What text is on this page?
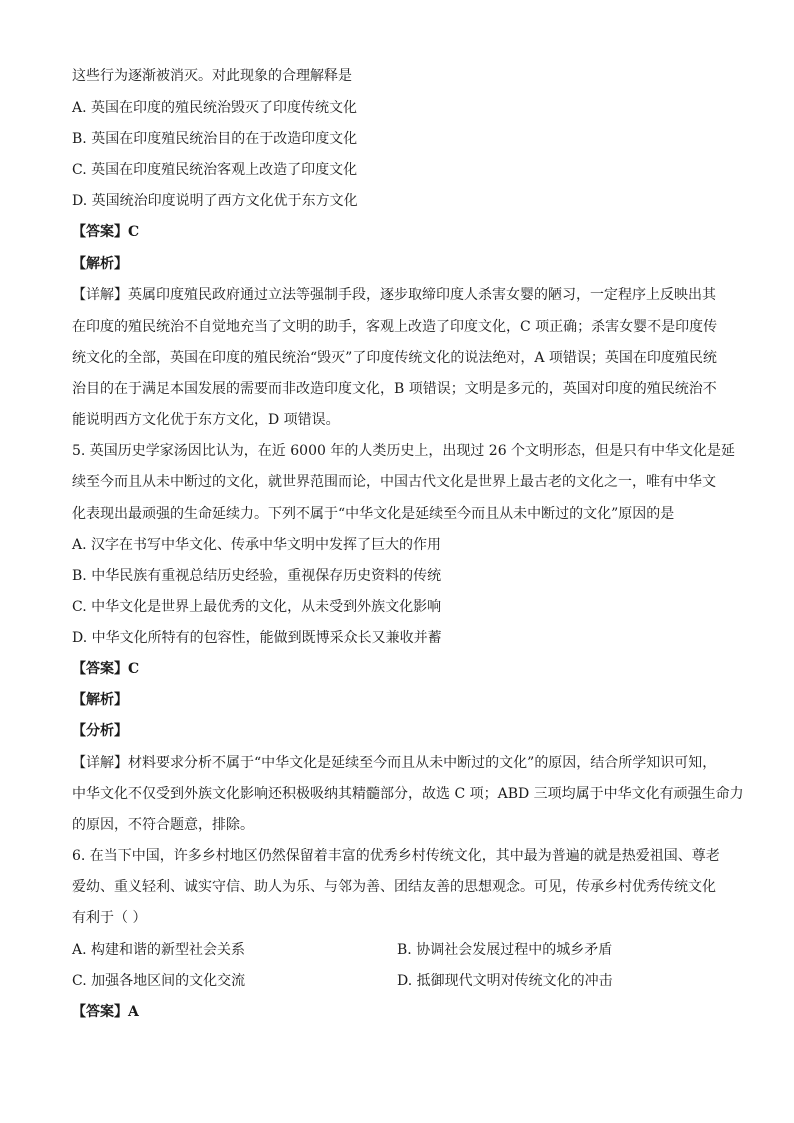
这些行为逐渐被消灭。对此现象的合理解释是
A. 英国在印度的殖民统治毁灭了印度传统文化
B. 英国在印度殖民统治目的在于改造印度文化
C. 英国在印度殖民统治客观上改造了印度文化
D. 英国统治印度说明了西方文化优于东方文化
【答案】C
【解析】
【详解】英属印度殖民政府通过立法等强制手段，逐步取缔印度人杀害女婴的陋习，一定程序上反映出其
在印度的殖民统治不自觉地充当了文明的助手，客观上改造了印度文化，C 项正确；杀害女婴不是印度传
统文化的全部，英国在印度的殖民统治“毁灭”了印度传统文化的说法绝对，A 项错误；英国在印度殖民统
治目的在于满足本国发展的需要而非改造印度文化，B 项错误；文明是多元的，英国对印度的殖民统治不
能说明西方文化优于东方文化，D 项错误。
5. 英国历史学家汤因比认为，在近 6000 年的人类历史上，出现过 26 个文明形态，但是只有中华文化是延
续至今而且从未中断过的文化，就世界范围而论，中国古代文化是世界上最古老的文化之一，唯有中华文
化表现出最顽强的生命延续力。下列不属于“中华文化是延续至今而且从未中断过的文化”原因的是
A. 汉字在书写中华文化、传承中华文明中发挥了巨大的作用
B. 中华民族有重视总结历史经验，重视保存历史资料的传统
C. 中华文化是世界上最优秀的文化，从未受到外族文化影响
D. 中华文化所特有的包容性，能做到既博采众长又兼收并蓄
【答案】C
【解析】
【分析】
【详解】材料要求分析不属于“中华文化是延续至今而且从未中断过的文化”的原因，结合所学知识可知，
中华文化不仅受到外族文化影响还积极吸纳其精髓部分，故选 C 项；ABD 三项均属于中华文化有顽强生命力
的原因，不符合题意，排除。
6. 在当下中国，许多乡村地区仍然保留着丰富的优秀乡村传统文化，其中最为普遍的就是热爱祖国、尊老
爱幼、重义轻利、诚实守信、助人为乐、与邻为善、团结友善的思想观念。可见，传承乡村优秀传统文化
有利于（ ）
A. 构建和谐的新型社会关系	B. 协调社会发展过程中的城乡矛盾
C. 加强各地区间的文化交流	D. 抵御现代文明对传统文化的冲击
【答案】A
